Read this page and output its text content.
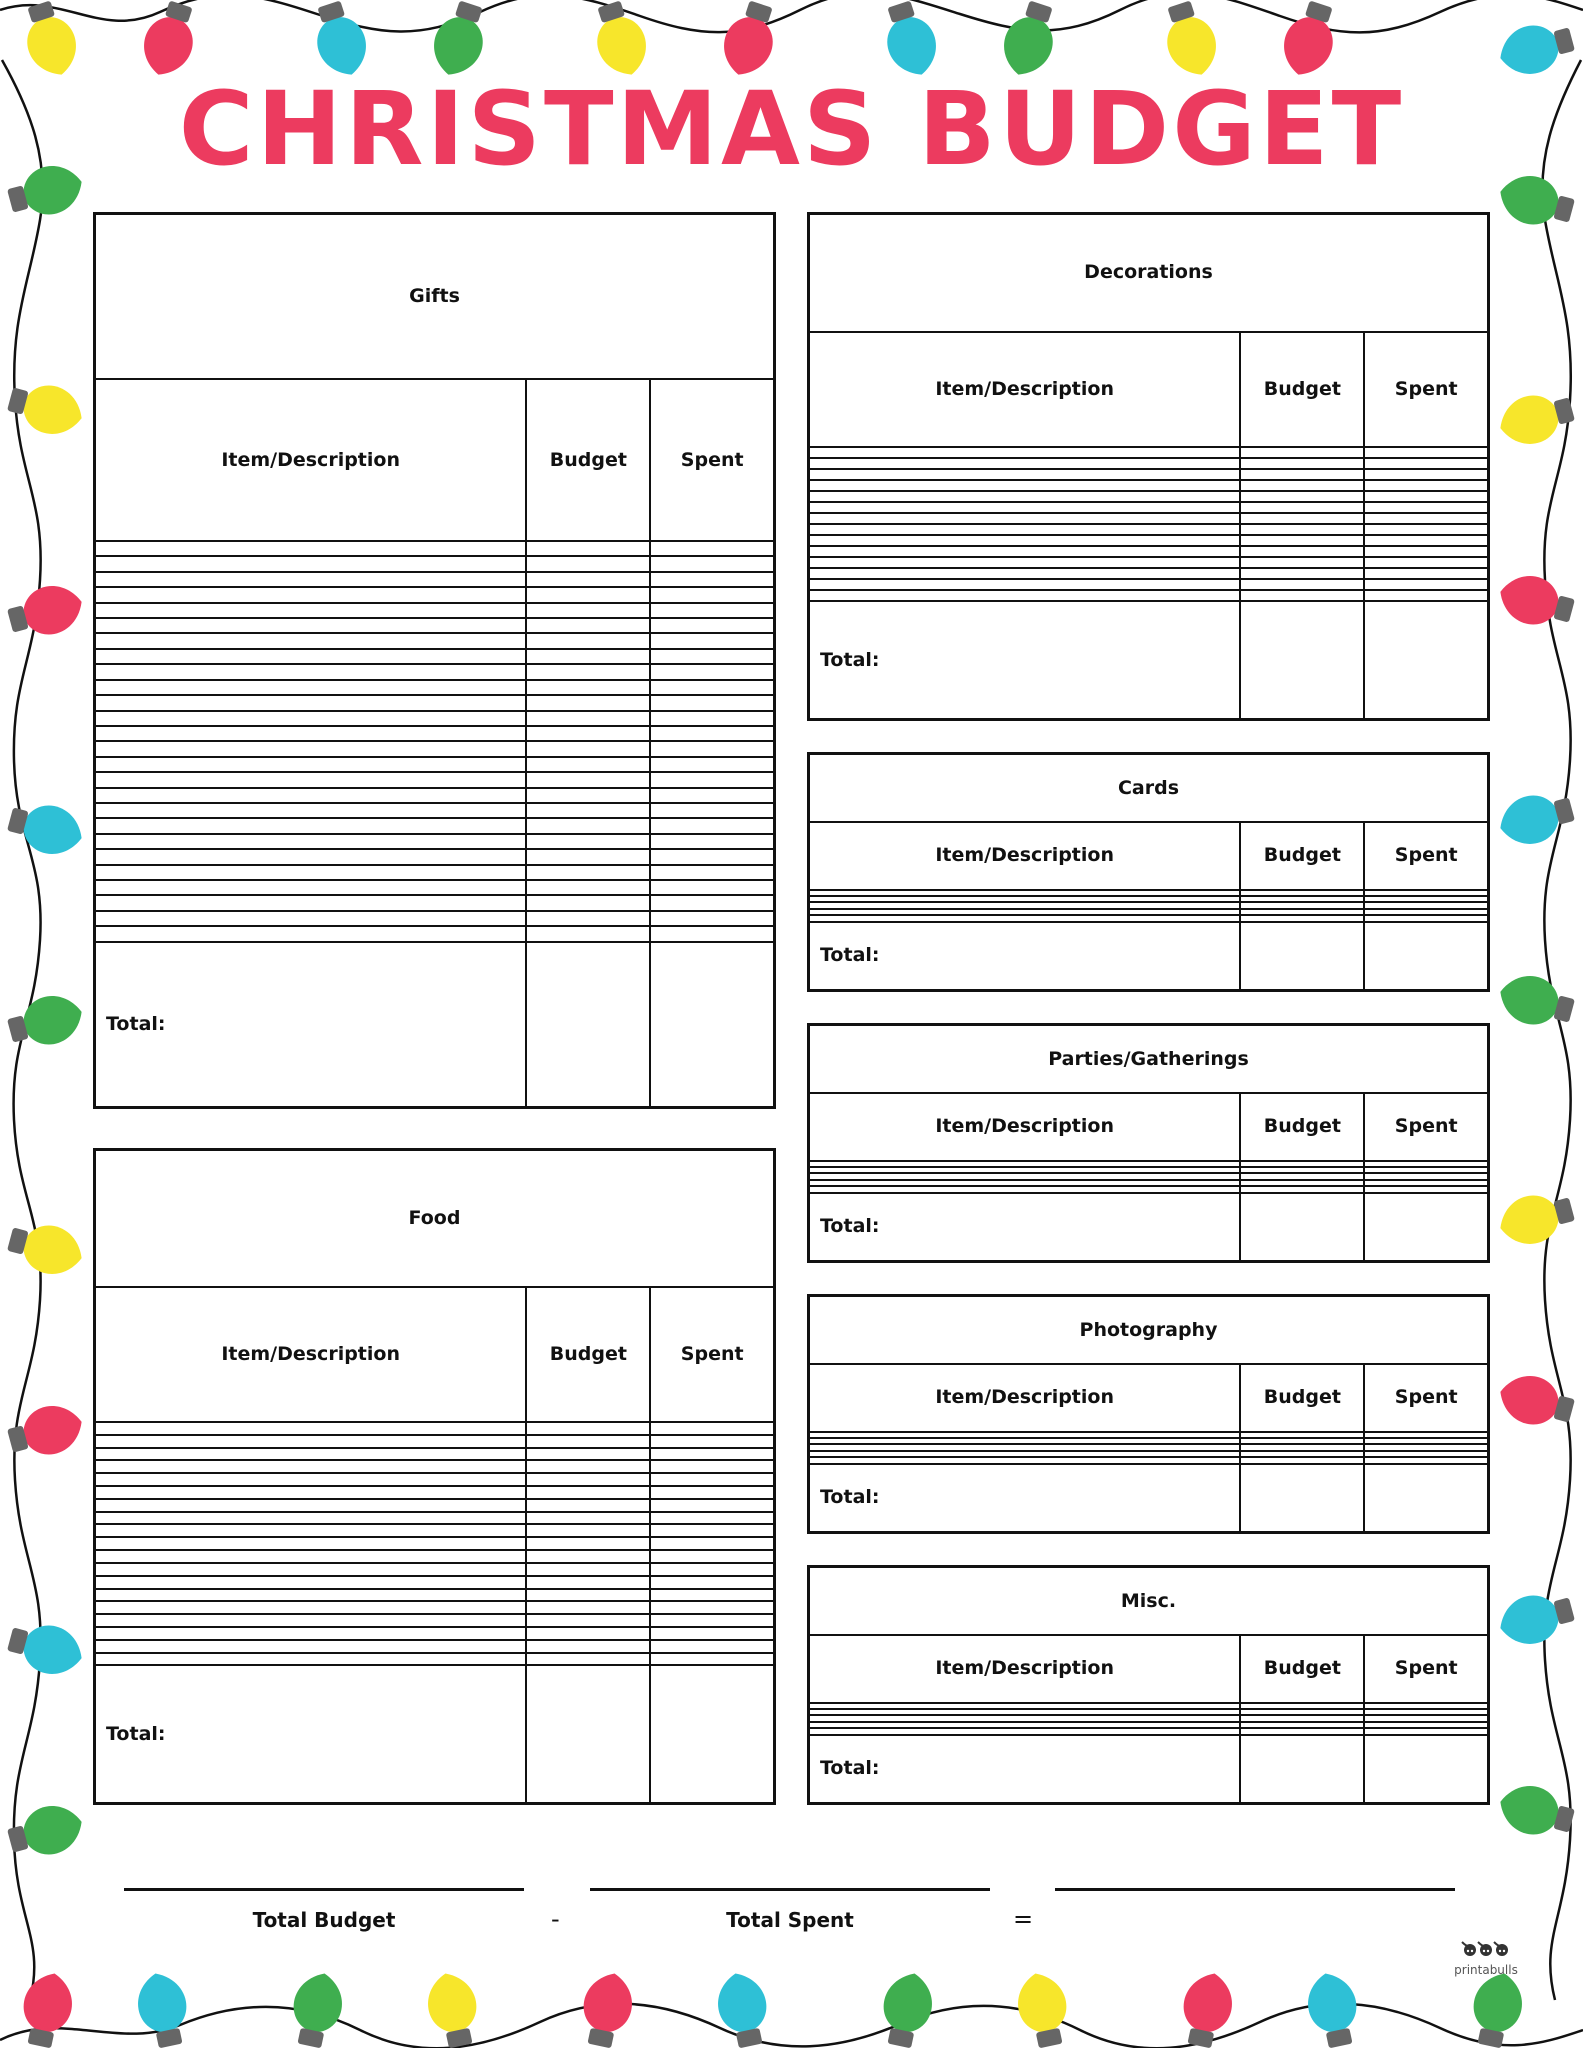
CHRISTMAS BUDGET
Gifts		
Item/Description	Budget	Spent

Total:		
Food		
Item/Description	Budget	Spent

Total:		
Decorations		
Item/Description	Budget	Spent

Total:		
Cards		
Item/Description	Budget	Spent

Total:		
Parties/Gatherings		
Item/Description	Budget	Spent

Total:		
Photography		
Item/Description	Budget	Spent

Total:		
Misc.		
Item/Description	Budget	Spent

Total:		
Total Budget	-	Total Spent	=
printabulls
